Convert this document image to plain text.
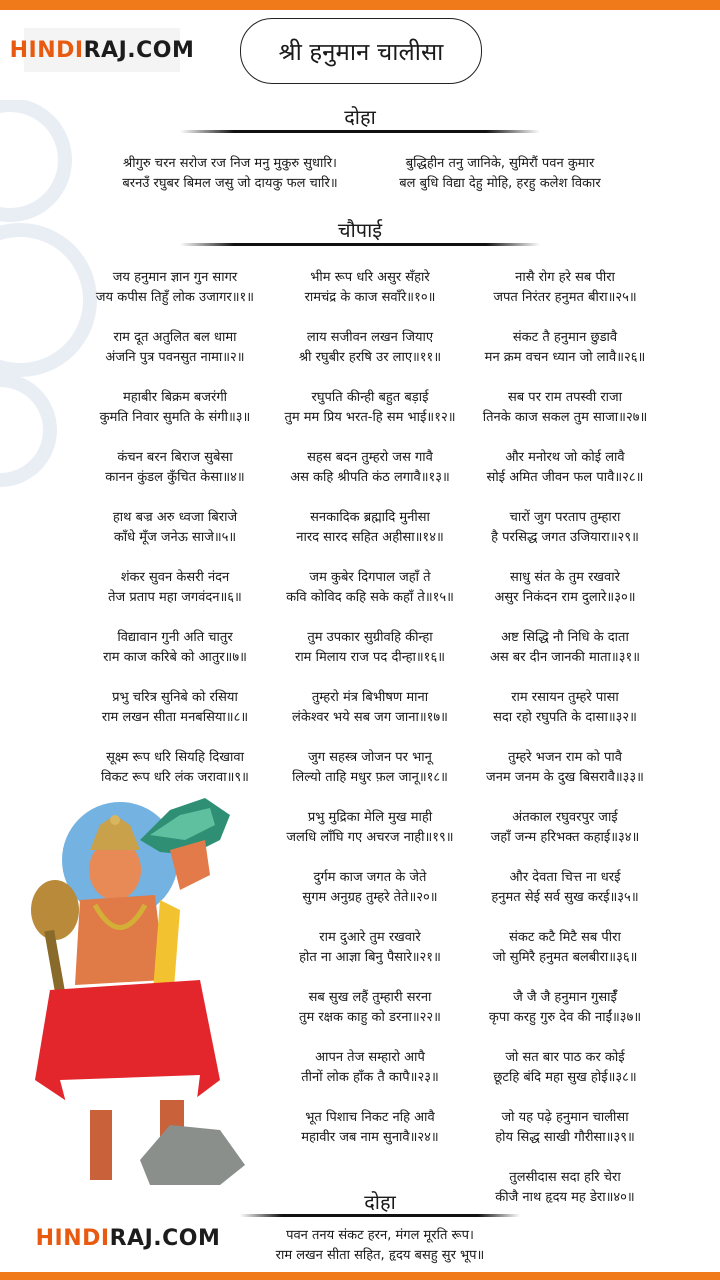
HINDI RAJ.COM	श्री हनुमान चालीसा
दोहा
श्रीगुरु चरन सरोज रज निज मनु मुकुरु सुधारि।
बरनउँ रघुबर बिमल जसु जो दायकु फल चारि॥
बुद्धिहीन तनु जानिके, सुमिरौं पवन कुमार
बल बुधि विद्या देहु मोहि, हरहु कलेश विकार
चौपाई
जय हनुमान ज्ञान गुन सागर
जय कपीस तिहुँ लोक उजागर॥१॥
राम दूत अतुलित बल धामा
अंजनि पुत्र पवनसुत नामा॥२॥
महाबीर बिक्रम बजरंगी
कुमति निवार सुमति के संगी॥३॥
कंचन बरन बिराज सुबेसा
कानन कुंडल कुँचित केसा॥४॥
हाथ बज्र अरु ध्वजा बिराजे
काँधे मूँज जनेऊ साजे॥५॥
शंकर सुवन केसरी नंदन
तेज प्रताप महा जगवंदन॥६॥
विद्यावान गुनी अति चातुर
राम काज करिबे को आतुर॥७॥
प्रभु चरित्र सुनिबे को रसिया
राम लखन सीता मनबसिया॥८॥
सूक्ष्म रूप धरि सियहि दिखावा
विकट रूप धरि लंक जरावा॥९॥
भीम रूप धरि असुर सँहारे
रामचंद्र के काज सवाँरे॥१०॥
लाय सजीवन लखन जियाए
श्री रघुबीर हरषि उर लाए॥११॥
रघुपति कीन्ही बहुत बड़ाई
तुम मम प्रिय भरत-हि सम भाई॥१२॥
सहस बदन तुम्हरो जस गावै
अस कहि श्रीपति कंठ लगावै॥१३॥
सनकादिक ब्रह्मादि मुनीसा
नारद सारद सहित अहीसा॥१४॥
जम कुबेर दिगपाल जहाँ ते
कवि कोविद कहि सके कहाँ ते॥१५॥
तुम उपकार सुग्रीवहि कीन्हा
राम मिलाय राज पद दीन्हा॥१६॥
तुम्हरो मंत्र बिभीषण माना
लंकेश्वर भये सब जग जाना॥१७॥
जुग सहस्त्र जोजन पर भानू
लिल्यो ताहि मधुर फ़ल जानू॥१८॥
प्रभु मुद्रिका मेलि मुख माही
जलधि लाँघि गए अचरज नाही॥१९॥
दुर्गम काज जगत के जेते
सुगम अनुग्रह तुम्हरे तेते॥२०॥
राम दुआरे तुम रखवारे
होत ना आज्ञा बिनु पैसारे॥२१॥
सब सुख लहैं तुम्हारी सरना
तुम रक्षक काहु को डरना॥२२॥
आपन तेज सम्हारो आपै
तीनों लोक हाँक तै कापै॥२३॥
भूत पिशाच निकट नहि आवै
महावीर जब नाम सुनावै॥२४॥
नासै रोग हरे सब पीरा
जपत निरंतर हनुमत बीरा॥२५॥
संकट तै हनुमान छुडावै
मन क्रम वचन ध्यान जो लावै॥२६॥
सब पर राम तपस्वी राजा
तिनके काज सकल तुम साजा॥२७॥
और मनोरथ जो कोई लावै
सोई अमित जीवन फल पावै॥२८॥
चारों जुग परताप तुम्हारा
है परसिद्ध जगत उजियारा॥२९॥
साधु संत के तुम रखवारे
असुर निकंदन राम दुलारे॥३०॥
अष्ट सिद्धि नौ निधि के दाता
अस बर दीन जानकी माता॥३१॥
राम रसायन तुम्हरे पासा
सदा रहो रघुपति के दासा॥३२॥
तुम्हरे भजन राम को पावै
जनम जनम के दुख बिसरावै॥३३॥
अंतकाल रघुवरपुर जाई
जहाँ जन्म हरिभक्त कहाई॥३४॥
और देवता चित्त ना धरई
हनुमत सेई सर्व सुख करई॥३५॥
संकट कटै मिटै सब पीरा
जो सुमिरै हनुमत बलबीरा॥३६॥
जै जै जै हनुमान गुसाईँ
कृपा करहु गुरु देव की नाईं॥३७॥
जो सत बार पाठ कर कोई
छूटहि बंदि महा सुख होई॥३८॥
जो यह पढ़े हनुमान चालीसा
होय सिद्ध साखी गौरीसा॥३९॥
तुलसीदास सदा हरि चेरा
कीजै नाथ हृदय मह डेरा॥४०॥
दोहा
पवन तनय संकट हरन, मंगल मूरति रूप।
राम लखन सीता सहित, हृदय बसहु सुर भूप॥
HINDI RAJ.COM
